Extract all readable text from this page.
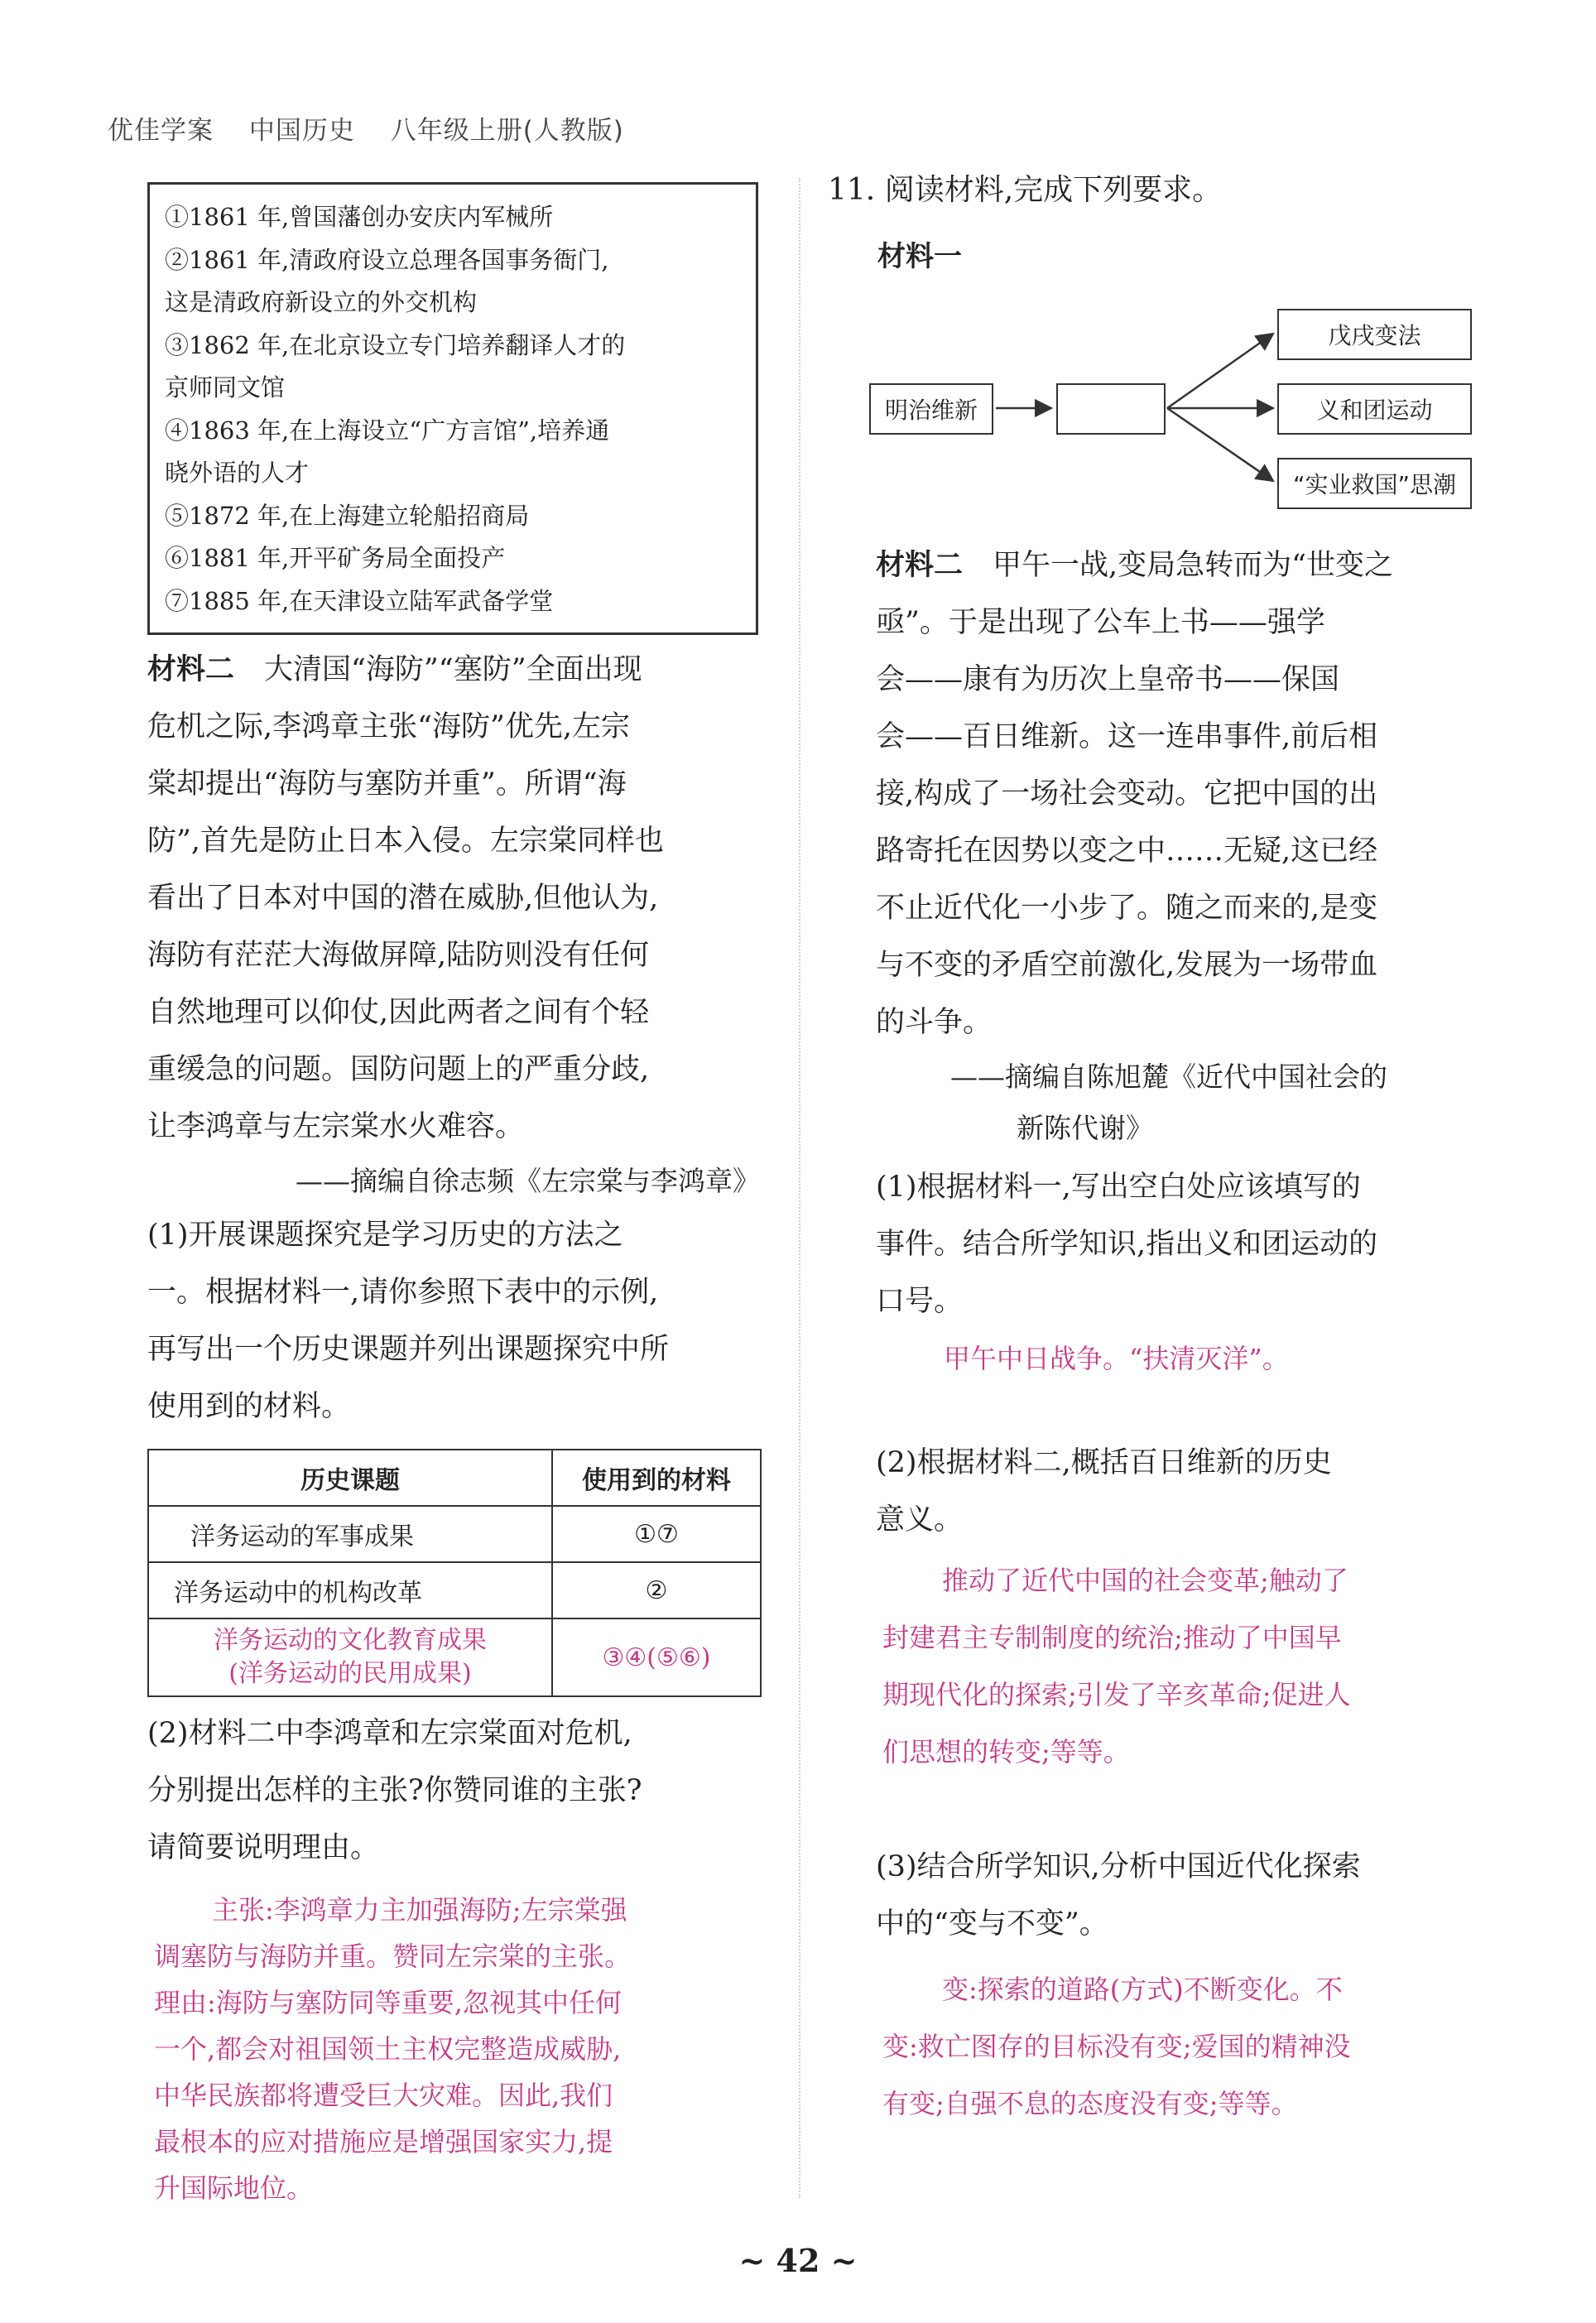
优佳学案 中国历史 八年级上册(人教版)
①1861 年,曾国藩创办安庆内军械所
②1861 年,清政府设立总理各国事务衙门,
这是清政府新设立的外交机构
③1862 年,在北京设立专门培养翻译人才的
京师同文馆
④1863 年,在上海设立“广方言馆”,培养通
晓外语的人才
⑤1872 年,在上海建立轮船招商局
⑥1881 年,开平矿务局全面投产
⑦1885 年,在天津设立陆军武备学堂
材料二 大清国“海防”“塞防”全面出现
危机之际,李鸿章主张“海防”优先,左宗
棠却提出“海防与塞防并重”。所谓“海
防”,首先是防止日本入侵。左宗棠同样也
看出了日本对中国的潜在威胁,但他认为,
海防有茫茫大海做屏障,陆防则没有任何
自然地理可以仰仗,因此两者之间有个轻
重缓急的问题。国防问题上的严重分歧,
让李鸿章与左宗棠水火难容。
——摘编自徐志频《左宗棠与李鸿章》
(1)开展课题探究是学习历史的方法之
一。根据材料一,请你参照下表中的示例,
再写出一个历史课题并列出课题探究中所
使用到的材料。
历史课题	使用到的材料
洋务运动的军事成果	①⑦
洋务运动中的机构改革	②

洋务运动的文化教育成果
(洋务运动的民用成果)	③④(⑤⑥)
(2)材料二中李鸿章和左宗棠面对危机,
分别提出怎样的主张?你赞同谁的主张?
请简要说明理由。
主张:李鸿章力主加强海防;左宗棠强
调塞防与海防并重。赞同左宗棠的主张。
理由:海防与塞防同等重要,忽视其中任何
一个,都会对祖国领土主权完整造成威胁,
中华民族都将遭受巨大灾难。因此,我们
最根本的应对措施应是增强国家实力,提
升国际地位。
11. 阅读材料,完成下列要求。
材料一
明治维新
戊戌变法
义和团运动
“实业救国”思潮
材料二 甲午一战,变局急转而为“世变之
亟”。于是出现了公车上书——强学
会——康有为历次上皇帝书——保国
会——百日维新。这一连串事件,前后相
接,构成了一场社会变动。它把中国的出
路寄托在因势以变之中……无疑,这已经
不止近代化一小步了。随之而来的,是变
与不变的矛盾空前激化,发展为一场带血
的斗争。
——摘编自陈旭麓《近代中国社会的
新陈代谢》
(1)根据材料一,写出空白处应该填写的
事件。结合所学知识,指出义和团运动的
口号。
甲午中日战争。“扶清灭洋”。
(2)根据材料二,概括百日维新的历史
意义。
推动了近代中国的社会变革;触动了
封建君主专制制度的统治;推动了中国早
期现代化的探索;引发了辛亥革命;促进人
们思想的转变;等等。
(3)结合所学知识,分析中国近代化探索
中的“变与不变”。
变:探索的道路(方式)不断变化。不
变:救亡图存的目标没有变;爱国的精神没
有变;自强不息的态度没有变;等等。
~ 42 ~
